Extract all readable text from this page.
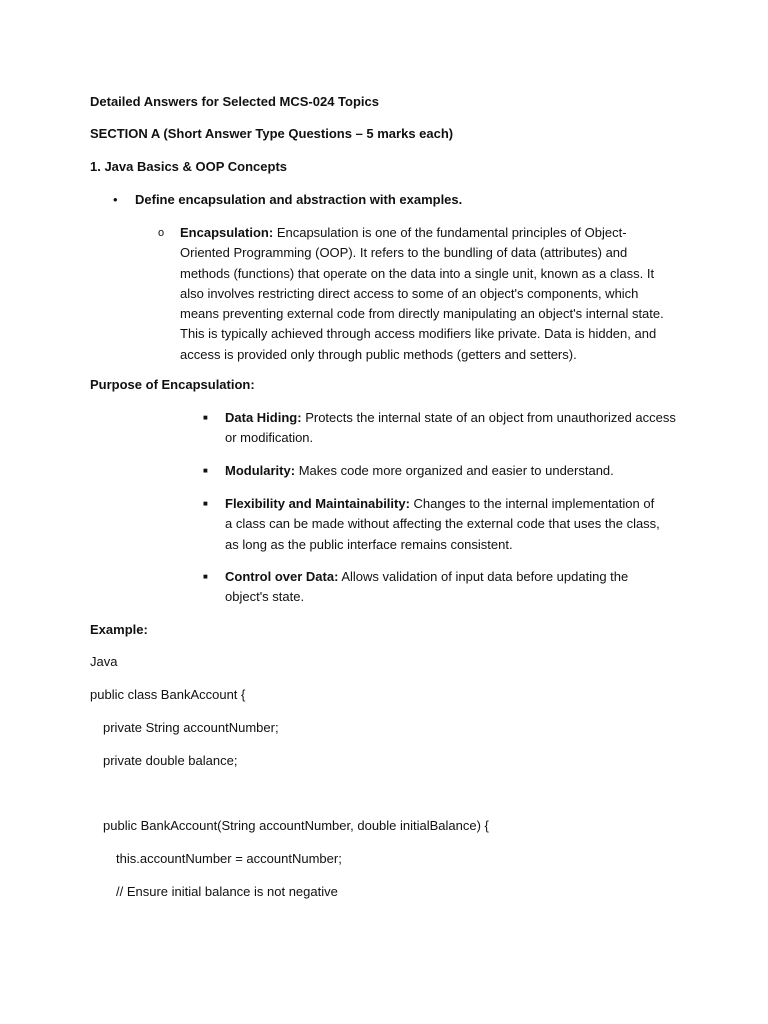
Detailed Answers for Selected MCS-024 Topics
SECTION A (Short Answer Type Questions – 5 marks each)
1. Java Basics & OOP Concepts
• Define encapsulation and abstraction with examples.
o Encapsulation: Encapsulation is one of the fundamental principles of Object-Oriented Programming (OOP). It refers to the bundling of data (attributes) and methods (functions) that operate on the data into a single unit, known as a class. It also involves restricting direct access to some of an object's components, which means preventing external code from directly manipulating an object's internal state. This is typically achieved through access modifiers like private. Data is hidden, and access is provided only through public methods (getters and setters).
Purpose of Encapsulation:
■ Data Hiding: Protects the internal state of an object from unauthorized access or modification.
■ Modularity: Makes code more organized and easier to understand.
■ Flexibility and Maintainability: Changes to the internal implementation of a class can be made without affecting the external code that uses the class, as long as the public interface remains consistent.
■ Control over Data: Allows validation of input data before updating the object's state.
Example:
Java
public class BankAccount {
private String accountNumber;
private double balance;
public BankAccount(String accountNumber, double initialBalance) {
this.accountNumber = accountNumber;
// Ensure initial balance is not negative
